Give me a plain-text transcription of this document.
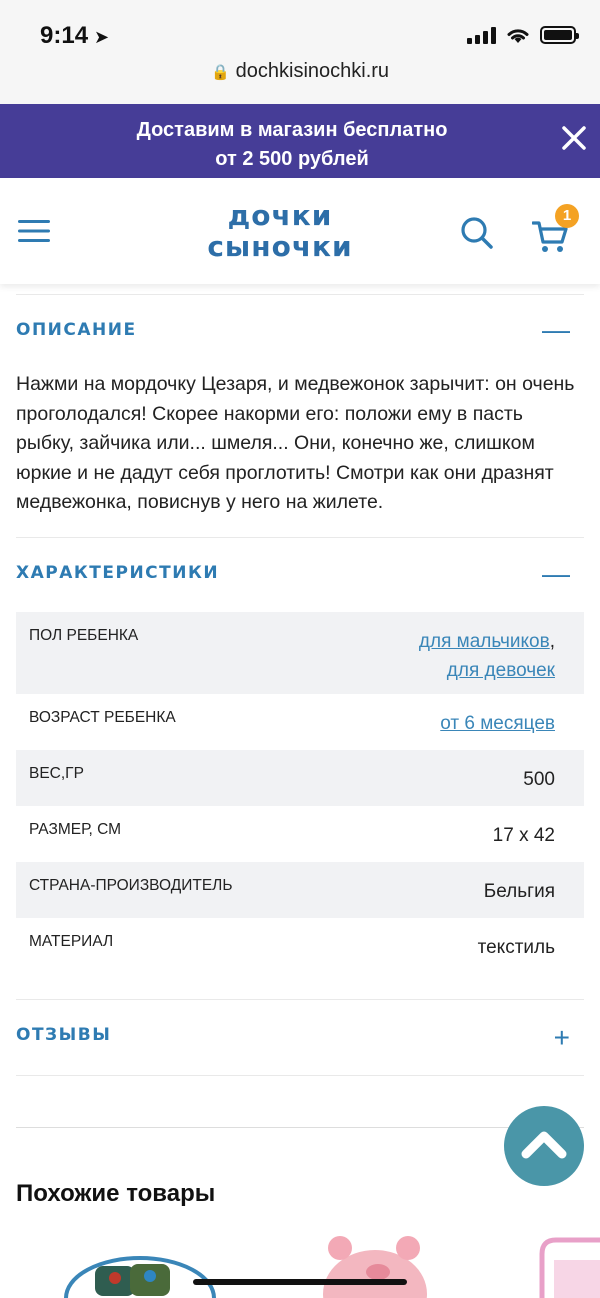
9:14 ➤
🔒 dochkisinochki.ru
Доставим в магазин бесплатно
от 2 500 рублей
дочки
сыночки
1
ОПИСАНИЕ	—
Нажми на мордочку Цезаря, и медвежонок зарычит: он очень проголодался! Скорее накорми его: положи ему в пасть рыбку, зайчика или... шмеля... Они, конечно же, слишком юркие и не дадут себя проглотить! Смотри как они дразнят медвежонка, повиснув у него на жилете.
ХАРАКТЕРИСТИКИ	—
ПОЛ РЕБЕНКА	для мальчиков,
для девочек
ВОЗРАСТ РЕБЕНКА	от 6 месяцев
ВЕС,ГР	500
РАЗМЕР, СМ	17 x 42
СТРАНА-ПРОИЗВОДИТЕЛЬ	Бельгия
МАТЕРИАЛ	текстиль
ОТЗЫВЫ	+
Похожие товары
